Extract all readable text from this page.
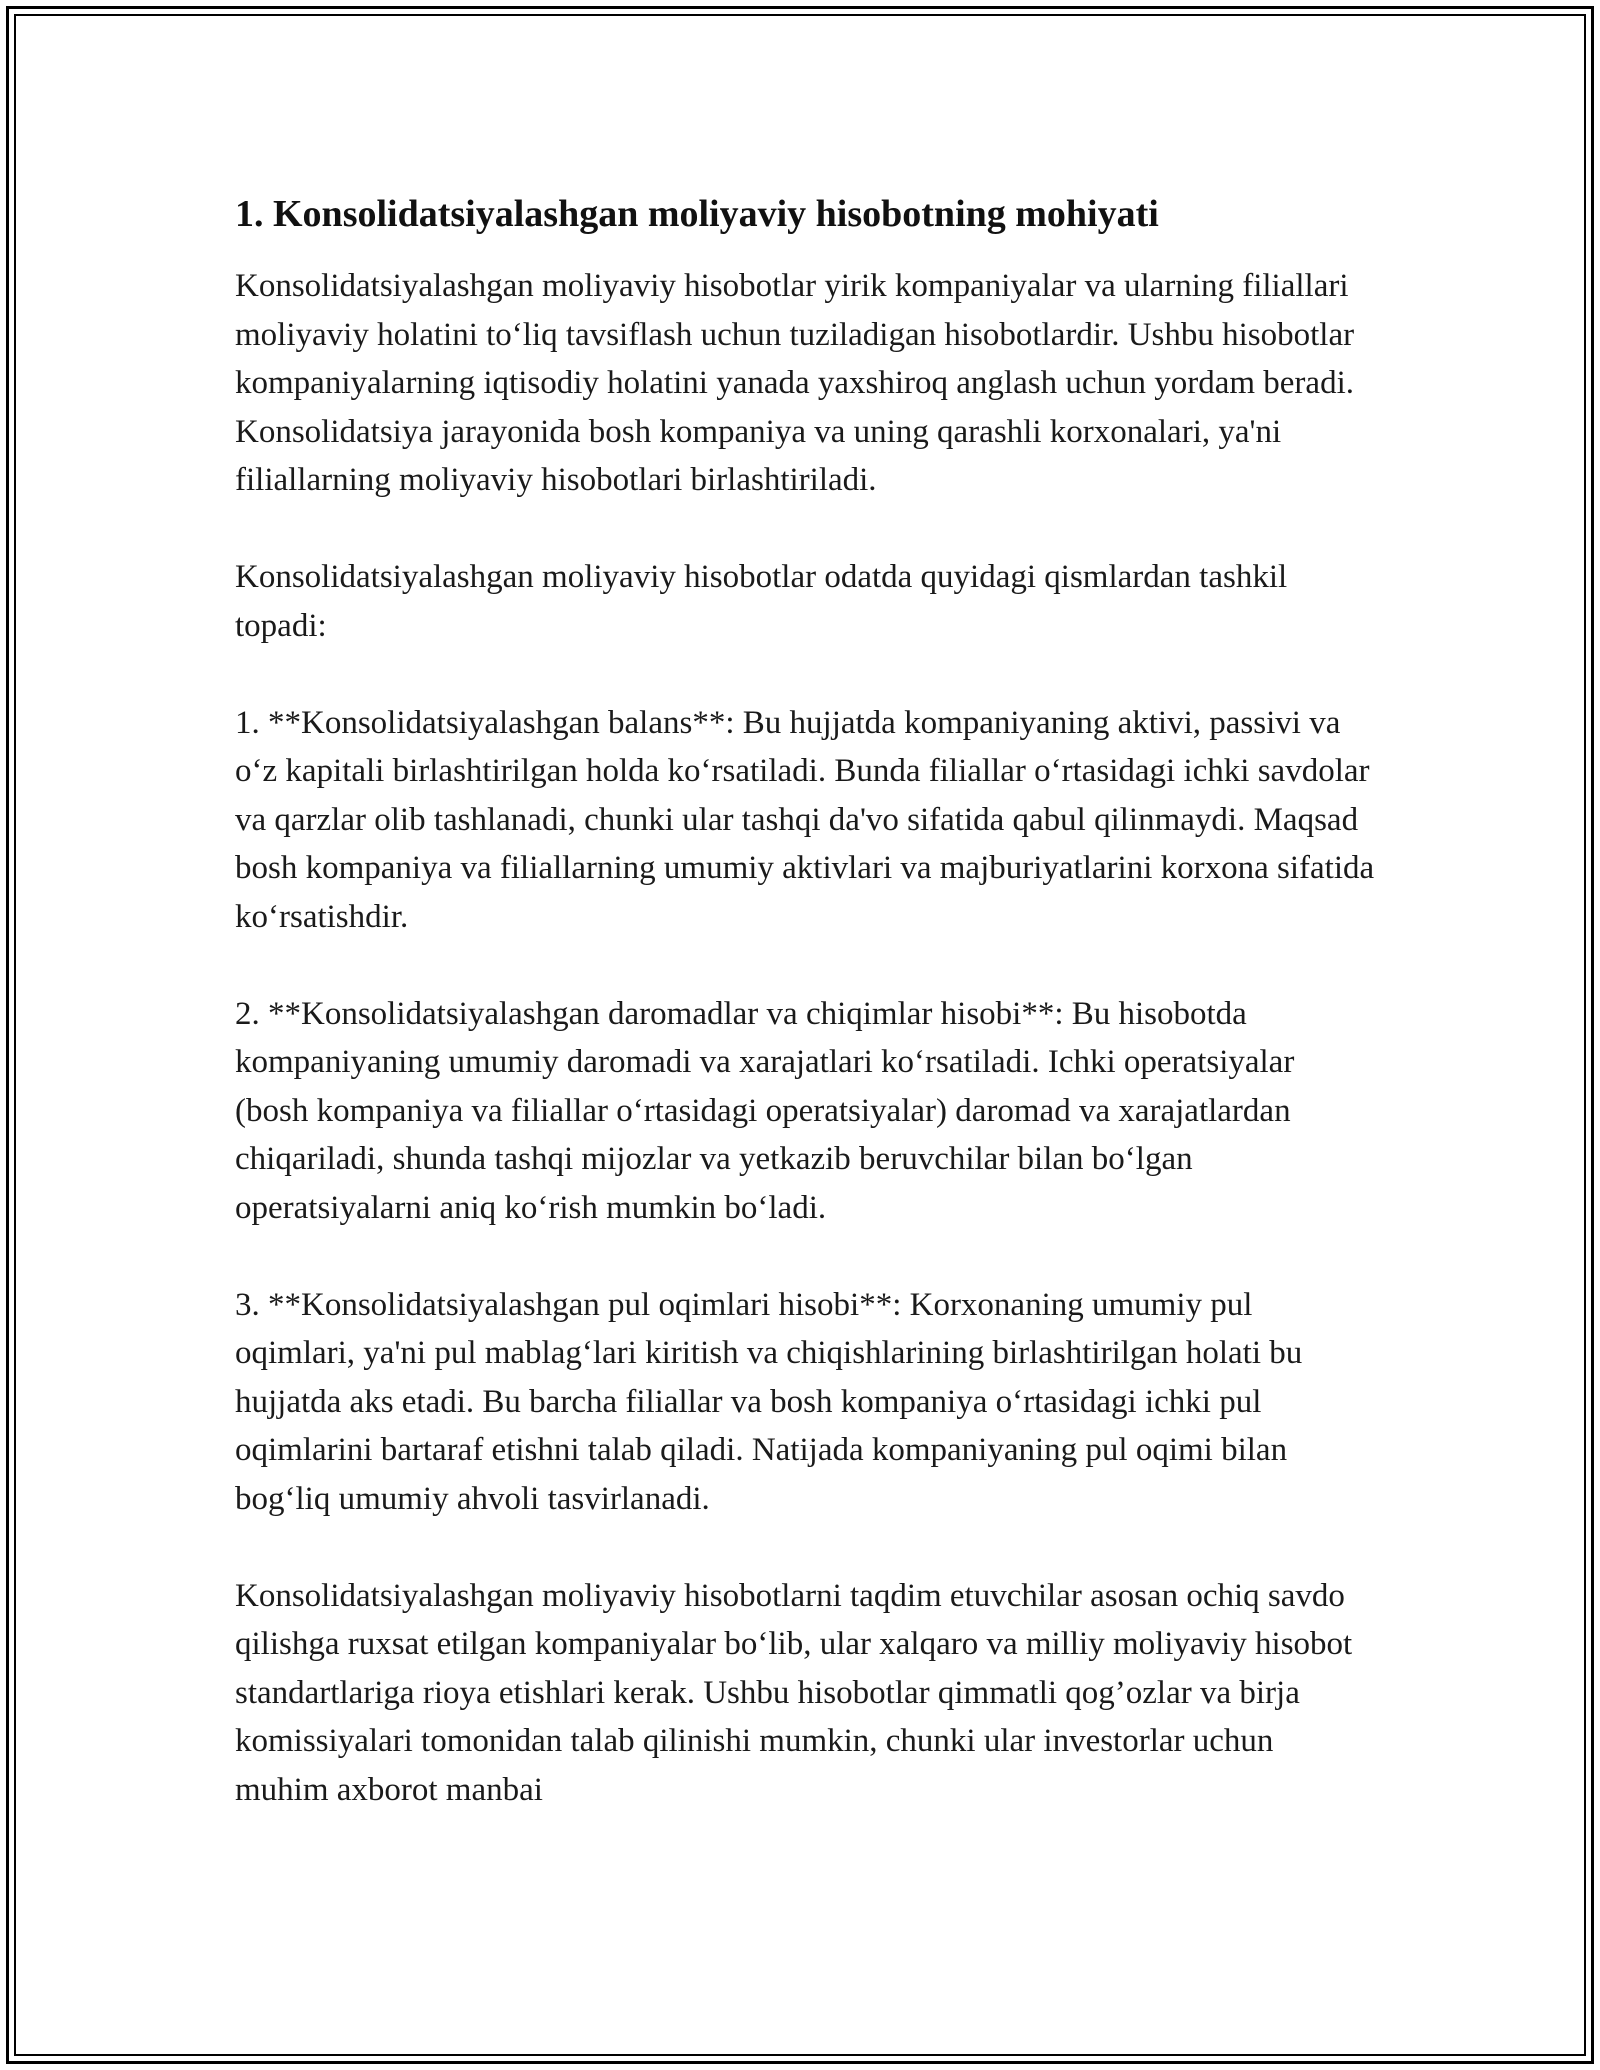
1. Konsolidatsiyalashgan moliyaviy hisobotning mohiyati

Konsolidatsiyalashgan moliyaviy hisobotlar yirik kompaniyalar va ularning filiallari moliyaviy holatini to‘liq tavsiflash uchun tuziladigan hisobotlardir. Ushbu hisobotlar kompaniyalarning iqtisodiy holatini yanada yaxshiroq anglash uchun yordam beradi. Konsolidatsiya jarayonida bosh kompaniya va uning qarashli korxonalari, ya'ni filiallarning moliyaviy hisobotlari birlashtiriladi.

Konsolidatsiyalashgan moliyaviy hisobotlar odatda quyidagi qismlardan tashkil topadi:

1. **Konsolidatsiyalashgan balans**: Bu hujjatda kompaniyaning aktivi, passivi va o‘z kapitali birlashtirilgan holda ko‘rsatiladi. Bunda filiallar o‘rtasidagi ichki savdolar va qarzlar olib tashlanadi, chunki ular tashqi da'vo sifatida qabul qilinmaydi. Maqsad bosh kompaniya va filiallarning umumiy aktivlari va majburiyatlarini korxona sifatida ko‘rsatishdir.

2. **Konsolidatsiyalashgan daromadlar va chiqimlar hisobi**: Bu hisobotda kompaniyaning umumiy daromadi va xarajatlari ko‘rsatiladi. Ichki operatsiyalar (bosh kompaniya va filiallar o‘rtasidagi operatsiyalar) daromad va xarajatlardan chiqariladi, shunda tashqi mijozlar va yetkazib beruvchilar bilan bo‘lgan operatsiyalarni aniq ko‘rish mumkin bo‘ladi.

3. **Konsolidatsiyalashgan pul oqimlari hisobi**: Korxonaning umumiy pul oqimlari, ya'ni pul mablag‘lari kiritish va chiqishlarining birlashtirilgan holati bu hujjatda aks etadi. Bu barcha filiallar va bosh kompaniya o‘rtasidagi ichki pul oqimlarini bartaraf etishni talab qiladi. Natijada kompaniyaning pul oqimi bilan bog‘liq umumiy ahvoli tasvirlanadi.

Konsolidatsiyalashgan moliyaviy hisobotlarni taqdim etuvchilar asosan ochiq savdo qilishga ruxsat etilgan kompaniyalar bo‘lib, ular xalqaro va milliy moliyaviy hisobot standartlariga rioya etishlari kerak. Ushbu hisobotlar qimmatli qog’ozlar va birja komissiyalari tomonidan talab qilinishi mumkin, chunki ular investorlar uchun muhim axborot manbai
